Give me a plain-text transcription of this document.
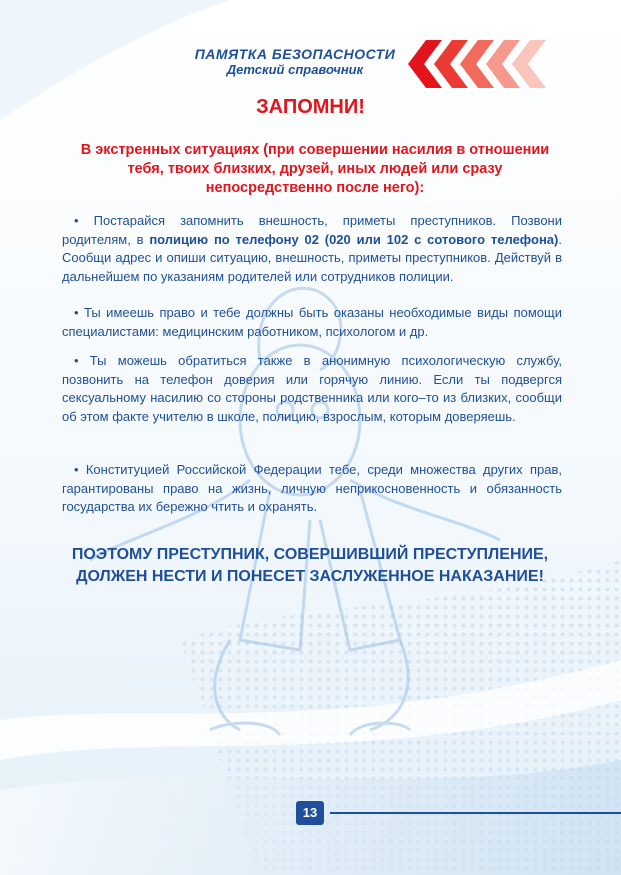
ПАМЯТКА БЕЗОПАСНОСТИ
Детский справочник
ЗАПОМНИ!
В экстренных ситуациях (при совершении насилия в отношении тебя, твоих близких, друзей, иных людей или сразу непосредственно после него):
• Постарайся запомнить внешность, приметы преступников. Позвони родителям, в полицию по телефону 02 (020 или 102 с сотового телефона). Сообщи адрес и опиши ситуацию, внешность, приметы преступников. Действуй в дальнейшем по указаниям родителей или сотрудников полиции.
• Ты имеешь право и тебе должны быть оказаны необходимые виды помощи специалистами: медицинским работником, психологом и др.
• Ты можешь обратиться также в анонимную психологическую службу, позвонить на телефон доверия или горячую линию. Если ты подвергся сексуальному насилию со стороны родственника или кого–то из близких, сообщи об этом факте учителю в школе, полицию, взрослым, которым доверяешь.
• Конституцией Российской Федерации тебе, среди множества других прав, гарантированы право на жизнь, личную неприкосновенность и обязанность государства их бережно чтить и охранять.
ПОЭТОМУ ПРЕСТУПНИК, СОВЕРШИВШИЙ ПРЕСТУПЛЕНИЕ,
ДОЛЖЕН НЕСТИ И ПОНЕСЕТ ЗАСЛУЖЕННОЕ НАКАЗАНИЕ!
13
